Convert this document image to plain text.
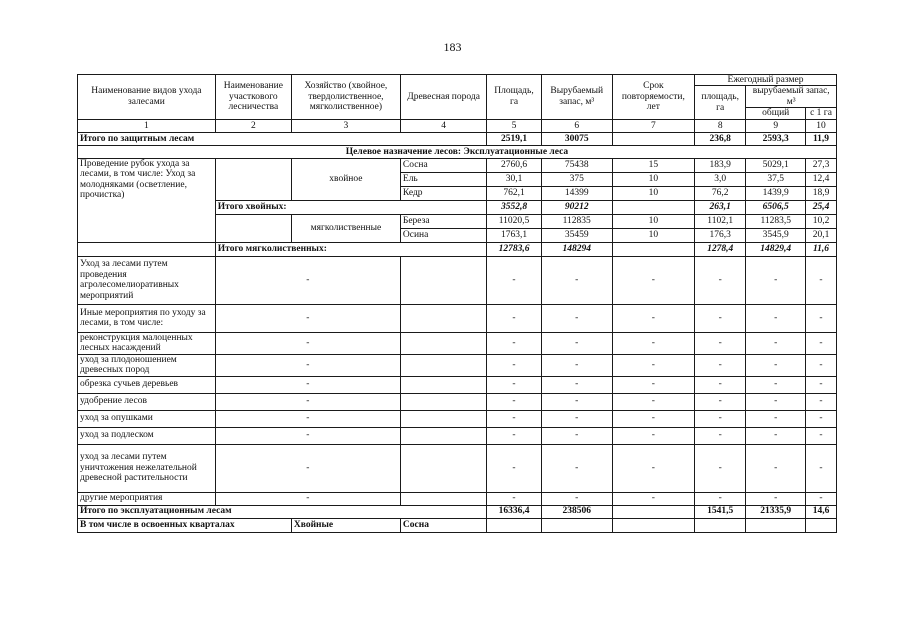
183
Наименование видов ухода залесами	Наименование участкового лесничества	Хозяйство (хвойное, твердолиственное, мягколиственное)	Древесная порода	Площадь, га	Вырубаемый запас, м³	Срок повторяемости, лет	Ежегодный размер		
							площадь, га	вырубаемый запас, м³	
								общий	с 1 га
1	2	3	4	5	6	7	8	9	10
Итого по защитным лесам				2519,1	30075		236,8	2593,3	11,9
Целевое назначение лесов: Эксплуатационные леса									
Проведение рубок ухода за лесами, в том числе: Уход за молодняками (осветление, прочистка)		хвойное	Сосна	2760,6	75438	15	183,9	5029,1	27,3
			Ель	30,1	375	10	3,0	37,5	12,4
			Кедр	762,1	14399	10	76,2	1439,9	18,9
	Итого хвойных:			3552,8	90212		263,1	6506,5	25,4
		мягколиственные	Береза	11020,5	112835	10	1102,1	11283,5	10,2
			Осина	1763,1	35459	10	176,3	3545,9	20,1
	Итого мягколиственных:			12783,6	148294		1278,4	14829,4	11,6
Уход за лесами путем проведения агролесомелиоративных мероприятий	-			-	-	-	-	-	-
Иные мероприятия по уходу за лесами, в том числе:	-			-	-	-	-	-	-
реконструкция малоценных лесных насаждений	-			-	-	-	-	-	-
уход за плодоношением древесных пород	-			-	-	-	-	-	-
обрезка сучьев деревьев	-			-	-	-	-	-	-
удобрение лесов	-			-	-	-	-	-	-
уход за опушками	-			-	-	-	-	-	-
уход за подлеском	-			-	-	-	-	-	-
уход за лесами путем уничтожения нежелательной древесной растительности	-			-	-	-	-	-	-
другие мероприятия	-			-	-	-	-	-	-
Итого по эксплуатационным лесам				16336,4	238506		1541,5	21335,9	14,6
В том числе в освоенных кварталах		Хвойные	Сосна						
